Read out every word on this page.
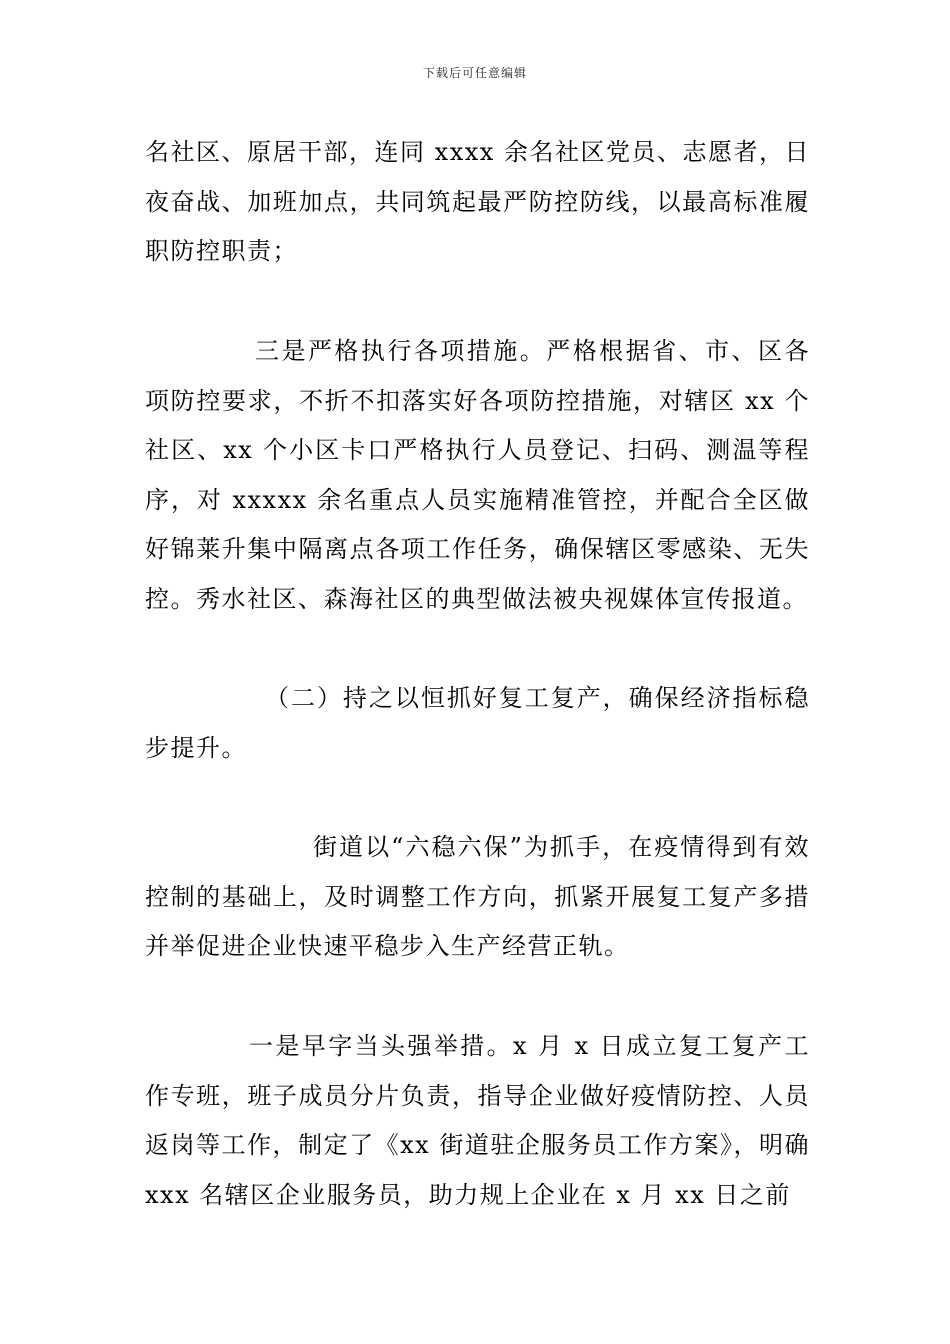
下载后可任意编辑

名社区、原居干部，连同 xxxx 余名社区党员、志愿者，日夜奋战、加班加点，共同筑起最严防控防线，以最高标准履职防控职责；

三是严格执行各项措施。严格根据省、市、区各项防控要求，不折不扣落实好各项防控措施，对辖区 xx 个社区、xx 个小区卡口严格执行人员登记、扫码、测温等程序，对 xxxxx 余名重点人员实施精准管控，并配合全区做好锦莱升集中隔离点各项工作任务，确保辖区零感染、无失控。秀水社区、森海社区的典型做法被央视媒体宣传报道。

（二）持之以恒抓好复工复产，确保经济指标稳步提升。

街道以“六稳六保”为抓手，在疫情得到有效控制的基础上，及时调整工作方向，抓紧开展复工复产多措并举促进企业快速平稳步入生产经营正轨。

一是早字当头强举措。x 月 x 日成立复工复产工作专班，班子成员分片负责，指导企业做好疫情防控、人员返岗等工作，制定了《xx 街道驻企服务员工作方案》，明确 xxx 名辖区企业服务员，助力规上企业在 x 月 xx 日之前
